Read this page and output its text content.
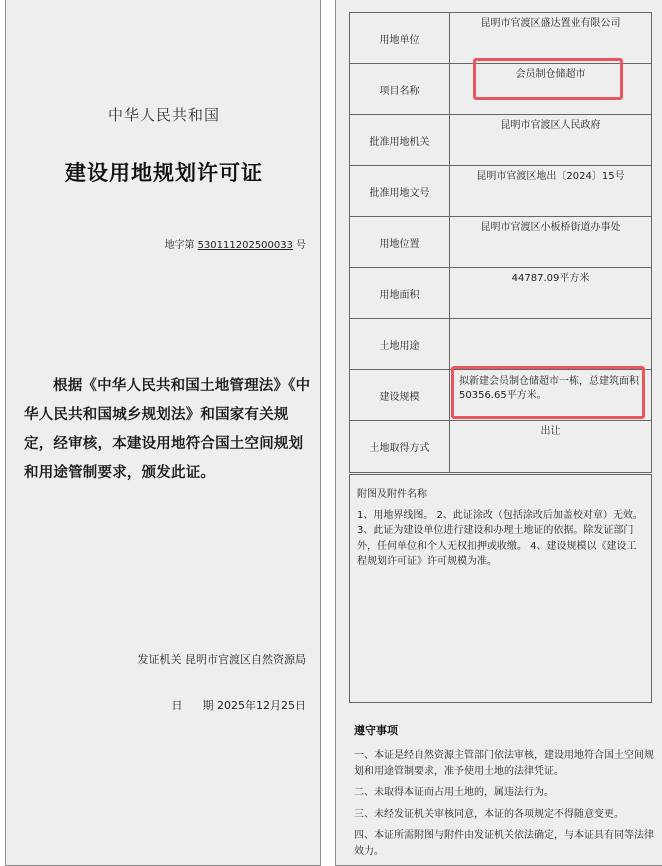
中华人民共和国
建设用地规划许可证
地字第 530111202500033 号
根据《中华人民共和国土地管理法》《中华人民共和国城乡规划法》和国家有关规定，经审核，本建设用地符合国土空间规划和用途管制要求，颁发此证。
发证机关 昆明市官渡区自然资源局
日 期 2025年12月25日
用地单位
昆明市官渡区盛达置业有限公司
项目名称
会员制仓储超市
批准用地机关
昆明市官渡区人民政府
批准用地文号
昆明市官渡区地出〔2024〕15号
用地位置
昆明市官渡区小板桥街道办事处
用地面积
44787.09平方米
土地用途
建设规模
拟新建会员制仓储超市一栋，总建筑面积50356.65平方米。
土地取得方式
出让
附图及附件名称
1、用地界线图。 2、此证涂改（包括涂改后加盖校对章）无效。3、此证为建设单位进行建设和办理土地证的依据。除发证部门外，任何单位和个人无权扣押或收缴。 4、建设规模以《建设工程规划许可证》许可规模为准。
遵守事项

一、本证是经自然资源主管部门依法审核，建设用地符合国土空间规划和用途管制要求，准予使用土地的法律凭证。

二、未取得本证而占用土地的，属违法行为。

三、未经发证机关审核同意，本证的各项规定不得随意变更。

四、本证所需附图与附件由发证机关依法确定，与本证具有同等法律效力。
